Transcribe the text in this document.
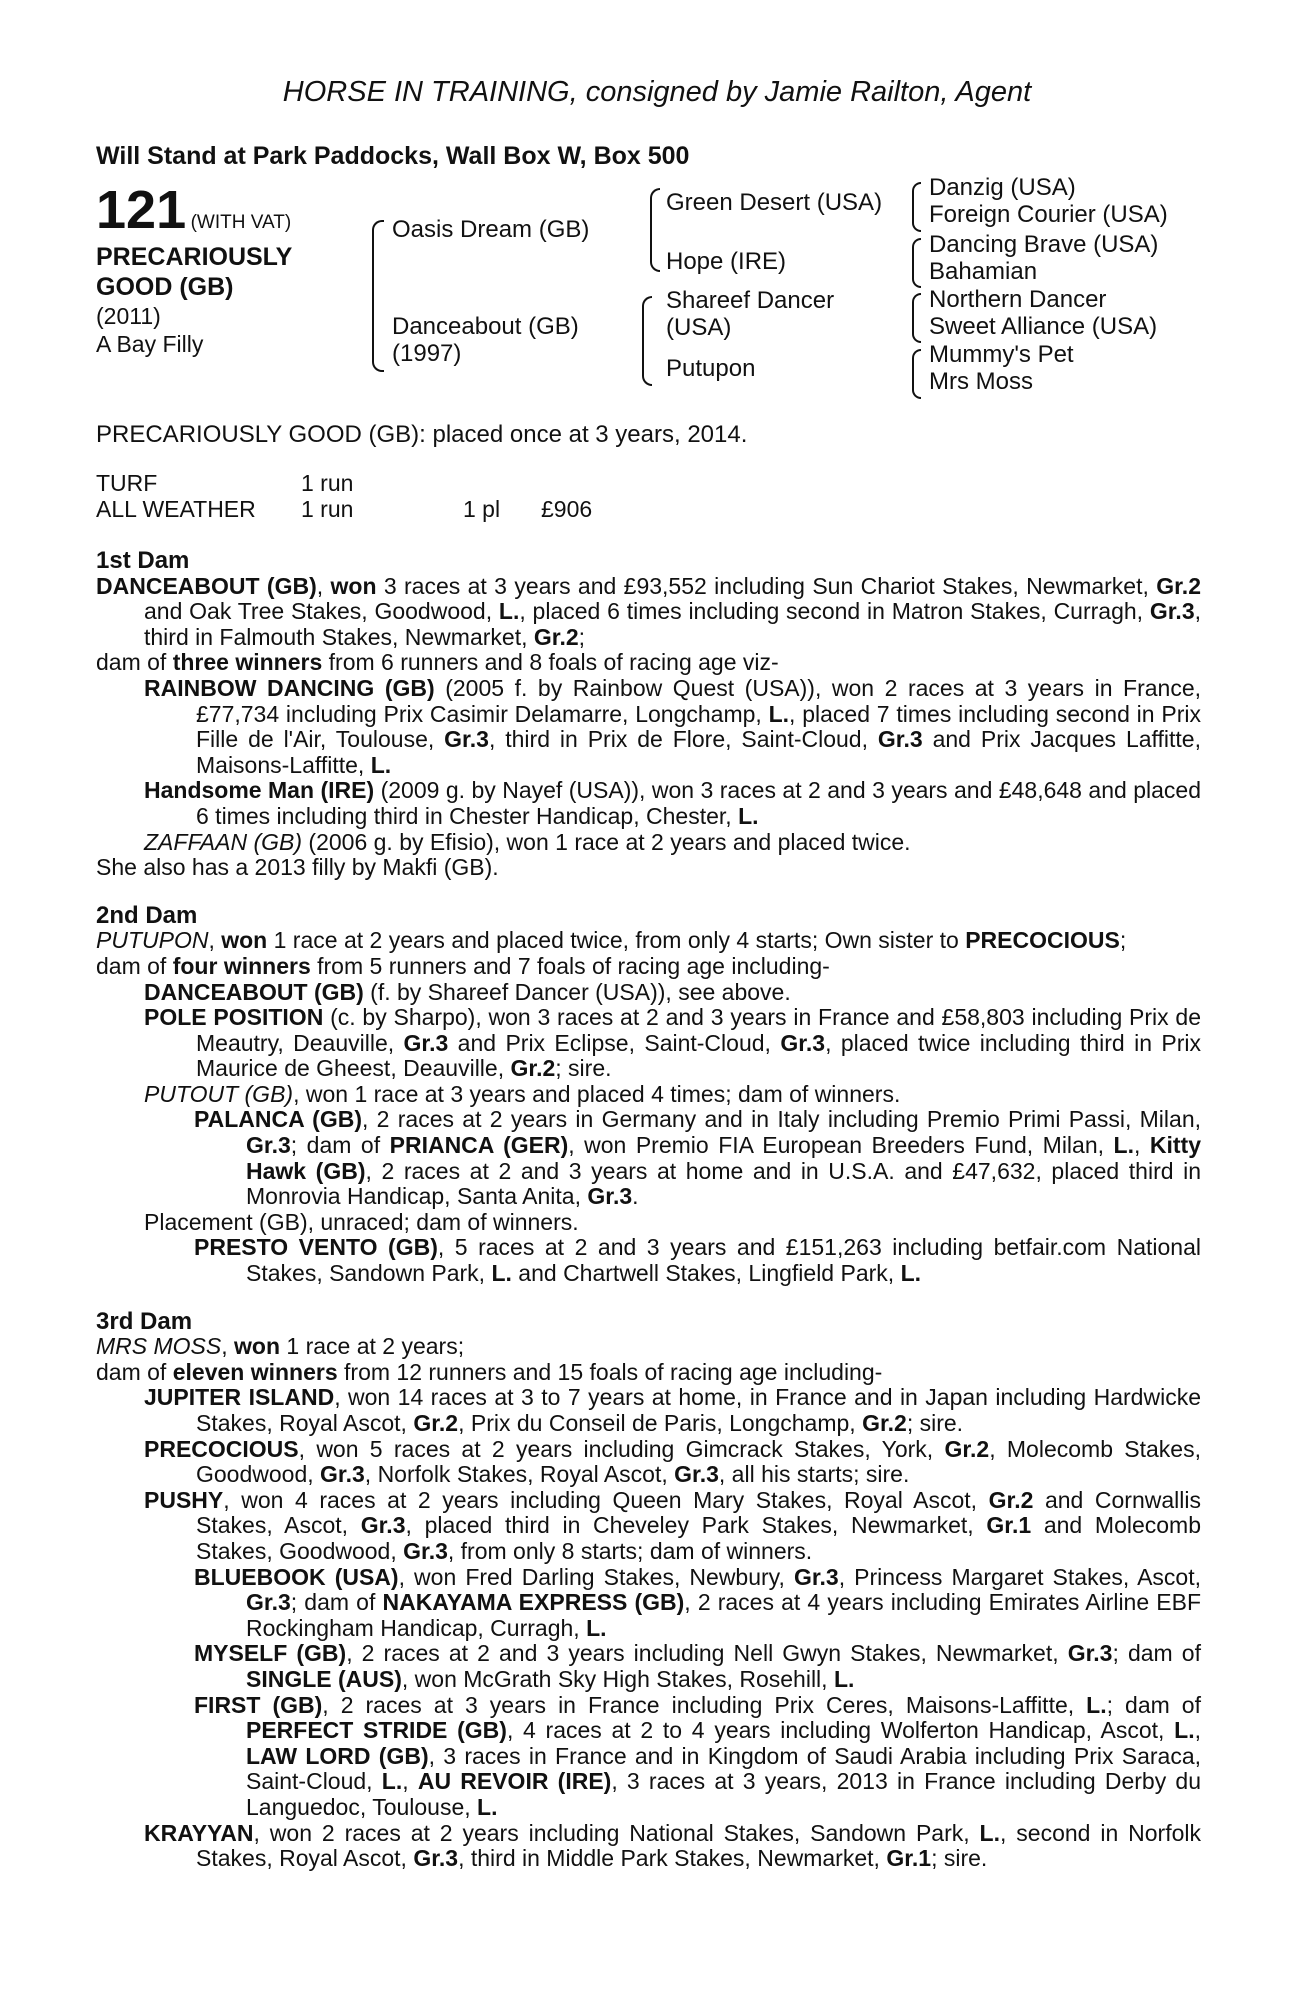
HORSE IN TRAINING, consigned by Jamie Railton, Agent
Will Stand at Park Paddocks, Wall Box W, Box 500
121 (WITH VAT)
PRECARIOUSLY
GOOD (GB)
(2011)
A Bay Filly
Oasis Dream (GB)
Danceabout (GB)
(1997)
Green Desert (USA)
Hope (IRE)
Shareef Dancer
(USA)
Putupon
Danzig (USA)
Foreign Courier (USA)
Dancing Brave (USA)
Bahamian
Northern Dancer
Sweet Alliance (USA)
Mummy's Pet
Mrs Moss
PRECARIOUSLY GOOD (GB): placed once at 3 years, 2014.
TURF	1 run
ALL WEATHER 1 run	1 pl £906
1st Dam
DANCEABOUT (GB), won 3 races at 3 years and £93,552 including Sun Chariot Stakes, Newmarket, Gr.2 and Oak Tree Stakes, Goodwood, L., placed 6 times including second in Matron Stakes, Curragh, Gr.3, third in Falmouth Stakes, Newmarket, Gr.2;
dam of three winners from 6 runners and 8 foals of racing age viz-
RAINBOW DANCING (GB) (2005 f. by Rainbow Quest (USA)), won 2 races at 3 years in France, £77,734 including Prix Casimir Delamarre, Longchamp, L., placed 7 times including second in Prix Fille de l'Air, Toulouse, Gr.3, third in Prix de Flore, Saint-Cloud, Gr.3 and Prix Jacques Laffitte, Maisons-Laffitte, L.
Handsome Man (IRE) (2009 g. by Nayef (USA)), won 3 races at 2 and 3 years and £48,648 and placed 6 times including third in Chester Handicap, Chester, L.
ZAFFAAN (GB) (2006 g. by Efisio), won 1 race at 2 years and placed twice.
She also has a 2013 filly by Makfi (GB).
2nd Dam
PUTUPON, won 1 race at 2 years and placed twice, from only 4 starts; Own sister to PRECOCIOUS;
dam of four winners from 5 runners and 7 foals of racing age including-
DANCEABOUT (GB) (f. by Shareef Dancer (USA)), see above.
POLE POSITION (c. by Sharpo), won 3 races at 2 and 3 years in France and £58,803 including Prix de Meautry, Deauville, Gr.3 and Prix Eclipse, Saint-Cloud, Gr.3, placed twice including third in Prix Maurice de Gheest, Deauville, Gr.2; sire.
PUTOUT (GB), won 1 race at 3 years and placed 4 times; dam of winners.
PALANCA (GB), 2 races at 2 years in Germany and in Italy including Premio Primi Passi, Milan, Gr.3; dam of PRIANCA (GER), won Premio FIA European Breeders Fund, Milan, L., Kitty Hawk (GB), 2 races at 2 and 3 years at home and in U.S.A. and £47,632, placed third in Monrovia Handicap, Santa Anita, Gr.3.
Placement (GB), unraced; dam of winners.
PRESTO VENTO (GB), 5 races at 2 and 3 years and £151,263 including betfair.com National Stakes, Sandown Park, L. and Chartwell Stakes, Lingfield Park, L.
3rd Dam
MRS MOSS, won 1 race at 2 years;
dam of eleven winners from 12 runners and 15 foals of racing age including-
JUPITER ISLAND, won 14 races at 3 to 7 years at home, in France and in Japan including Hardwicke Stakes, Royal Ascot, Gr.2, Prix du Conseil de Paris, Longchamp, Gr.2; sire.
PRECOCIOUS, won 5 races at 2 years including Gimcrack Stakes, York, Gr.2, Molecomb Stakes, Goodwood, Gr.3, Norfolk Stakes, Royal Ascot, Gr.3, all his starts; sire.
PUSHY, won 4 races at 2 years including Queen Mary Stakes, Royal Ascot, Gr.2 and Cornwallis Stakes, Ascot, Gr.3, placed third in Cheveley Park Stakes, Newmarket, Gr.1 and Molecomb Stakes, Goodwood, Gr.3, from only 8 starts; dam of winners.
BLUEBOOK (USA), won Fred Darling Stakes, Newbury, Gr.3, Princess Margaret Stakes, Ascot, Gr.3; dam of NAKAYAMA EXPRESS (GB), 2 races at 4 years including Emirates Airline EBF Rockingham Handicap, Curragh, L.
MYSELF (GB), 2 races at 2 and 3 years including Nell Gwyn Stakes, Newmarket, Gr.3; dam of SINGLE (AUS), won McGrath Sky High Stakes, Rosehill, L.
FIRST (GB), 2 races at 3 years in France including Prix Ceres, Maisons-Laffitte, L.; dam of PERFECT STRIDE (GB), 4 races at 2 to 4 years including Wolferton Handicap, Ascot, L., LAW LORD (GB), 3 races in France and in Kingdom of Saudi Arabia including Prix Saraca, Saint-Cloud, L., AU REVOIR (IRE), 3 races at 3 years, 2013 in France including Derby du Languedoc, Toulouse, L.
KRAYYAN, won 2 races at 2 years including National Stakes, Sandown Park, L., second in Norfolk Stakes, Royal Ascot, Gr.3, third in Middle Park Stakes, Newmarket, Gr.1; sire.
